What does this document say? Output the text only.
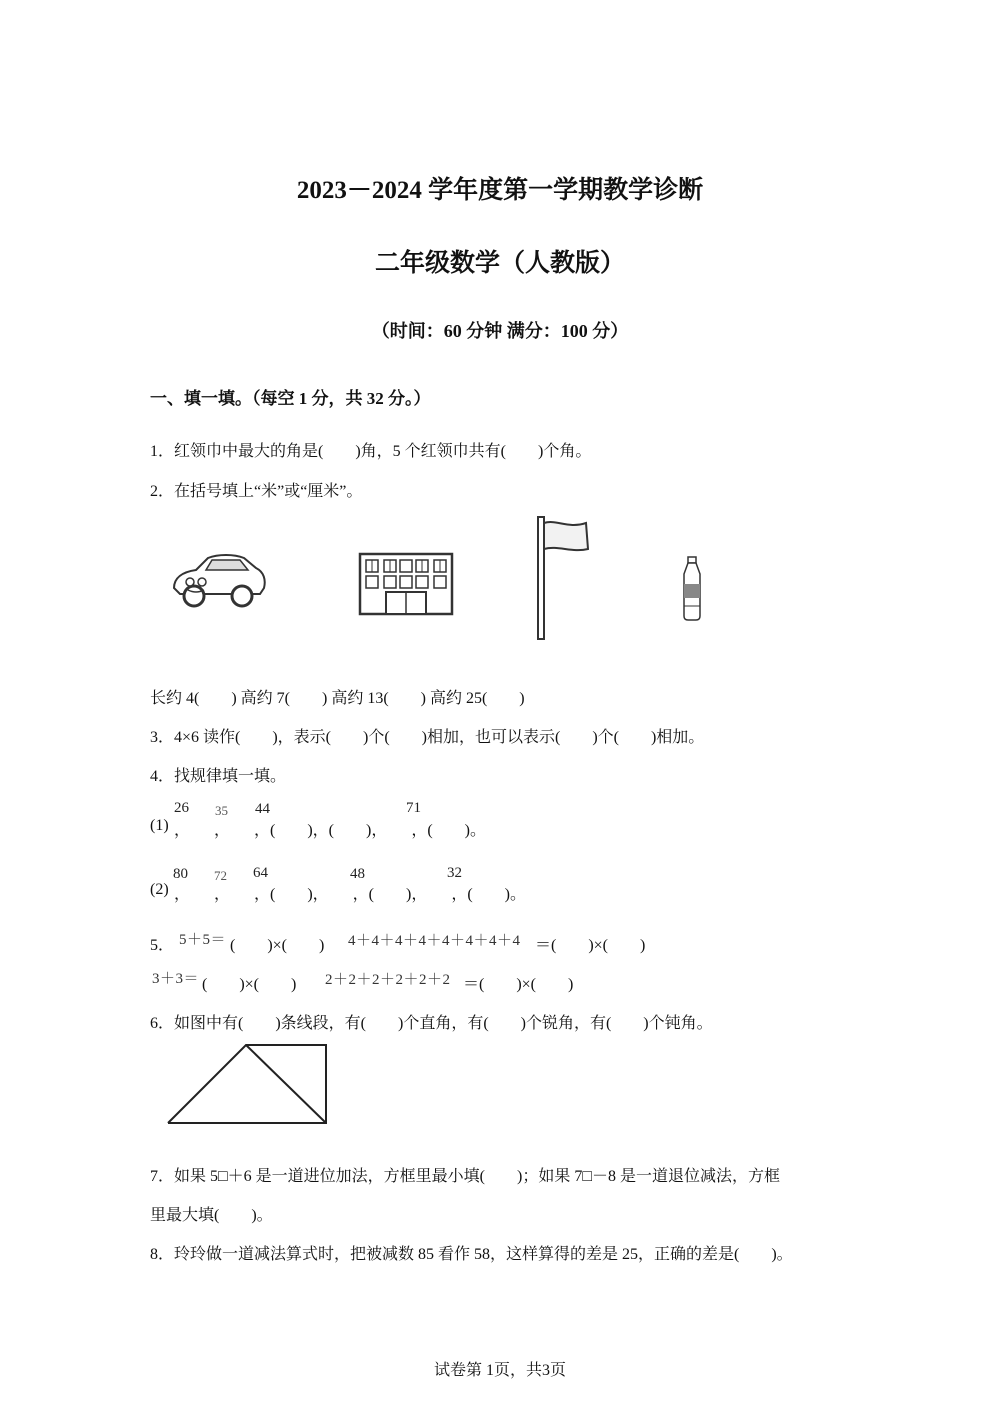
2023－2024 学年度第一学期教学诊断
二年级数学（人教版）
（时间：60 分钟 满分：100 分）
一、填一填。（每空 1 分，共 32 分。）
1．红领巾中最大的角是(　　)角，5 个红领巾共有(　　)个角。
2．在括号填上“米”或“厘米”。
长约 4(　　) 高约 7(　　) 高约 13(　　) 高约 25(　　)
3．4×6 读作(　　)，表示(　　)个(　　)相加，也可以表示(　　)个(　　)相加。
4．找规律填一填。
(1) ，　　，　　，(　　)，(　　)，　　，(　　)。
26 35 44	71
(2) ，　　，　　，(　　)，　　，(　　)，　　，(　　)。
80 72 64	48	32
5． 5＋5＝ (　　)×(　　) 4＋4＋4＋4＋4＋4＋4＋4 ＝(　　)×(　　)
3＋3＝ (　　)×(　　) 2＋2＋2＋2＋2＋2 ＝(　　)×(　　)
6．如图中有(　　)条线段，有(　　)个直角，有(　　)个锐角，有(　　)个钝角。
7．如果 5□＋6 是一道进位加法，方框里最小填(　　)；如果 7□－8 是一道退位减法，方框
里最大填(　　)。
8．玲玲做一道减法算式时，把被减数 85 看作 58，这样算得的差是 25，正确的差是(　　)。
试卷第 1页，共3页
